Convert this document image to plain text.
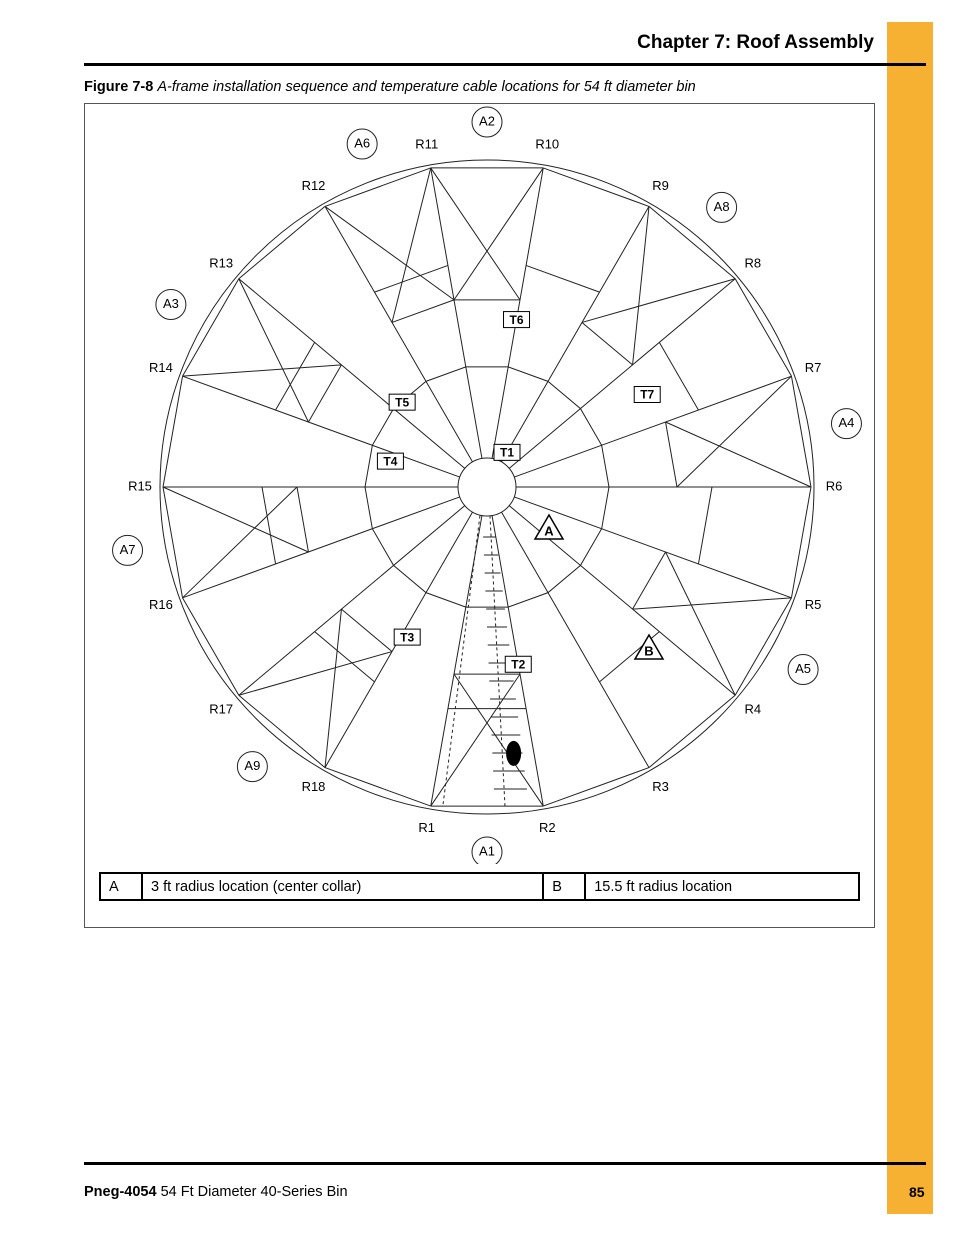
Chapter 7: Roof Assembly
Figure 7-8 A-frame installation sequence and temperature cable locations for 54 ft diameter bin
R1	R2
R3
R4
R5
R6
R7
R8
R9
R10
R11
R12
R13
R14
R15
R16
R17
R18
A1
A2
A3
A4
A5
A6
A7
A8
A9
T1
T2
T3
T4
T5
T6
T7
A
B
A	3 ft radius location (center collar)	B	15.5 ft radius location
Pneg-4054 54 Ft Diameter 40-Series Bin	85
